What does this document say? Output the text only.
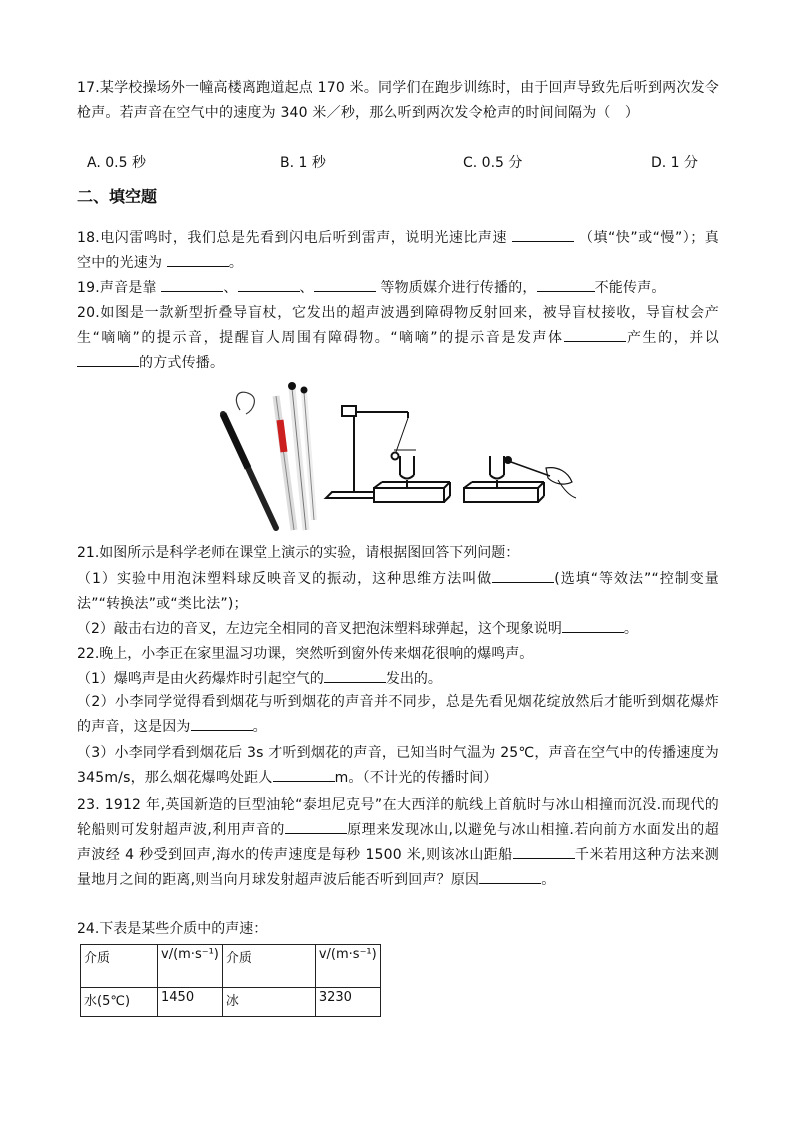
17.某学校操场外一幢高楼离跑道起点 170 米。同学们在跑步训练时，由于回声导致先后听到两次发令枪声。若声音在空气中的速度为 340 米／秒，那么听到两次发令枪声的时间间隔为（　）

A. 0.5 秒	B. 1 秒	C. 0.5 分	D. 1 分
二、填空题

18.电闪雷鸣时，我们总是先看到闪电后听到雷声，说明光速比声速	（填“快”或“慢”）；真空中的光速为	。

19.声音是靠	、	、	等物质媒介进行传播的，	不能传声。

20.如图是一款新型折叠导盲杖，它发出的超声波遇到障碍物反射回来，被导盲杖接收，导盲杖会产生“嘀嘀”的提示音，提醒盲人周围有障碍物。“嘀嘀”的提示音是发声体	产生的，并以的方式传播。

21.如图所示是科学老师在课堂上演示的实验，请根据图回答下列问题：

（1）实验中用泡沫塑料球反映音叉的振动，这种思维方法叫做	(选填“等效法”“控制变量法”“转换法”或“类比法”)；

（2）敲击右边的音叉，左边完全相同的音叉把泡沫塑料球弹起，这个现象说明	。
22.晚上，小李正在家里温习功课，突然听到窗外传来烟花很响的爆鸣声。
（1）爆鸣声是由火药爆炸时引起空气的	发出的。

（2）小李同学觉得看到烟花与听到烟花的声音并不同步，总是先看见烟花绽放然后才能听到烟花爆炸的声音，这是因为	。

（3）小李同学看到烟花后 3s 才听到烟花的声音，已知当时气温为 25℃，声音在空气中的传播速度为 345m/s，那么烟花爆鸣处距人	m。（不计光的传播时间）

23. 1912 年,英国新造的巨型油轮“泰坦尼克号”在大西洋的航线上首航时与冰山相撞而沉没.而现代的轮船则可发射超声波,利用声音的	原理来发现冰山,以避免与冰山相撞.若向前方水面发出的超声波经 4 秒受到回声,海水的传声速度是每秒 1500 米,则该冰山距船	千米若用这种方法来测量地月之间的距离,则当向月球发射超声波后能否听到回声？原因	。

24.下表是某些介质中的声速：
介质	v/(m·s⁻¹)	介质	v/(m·s⁻¹)
水(5℃)	1450	冰	3230
